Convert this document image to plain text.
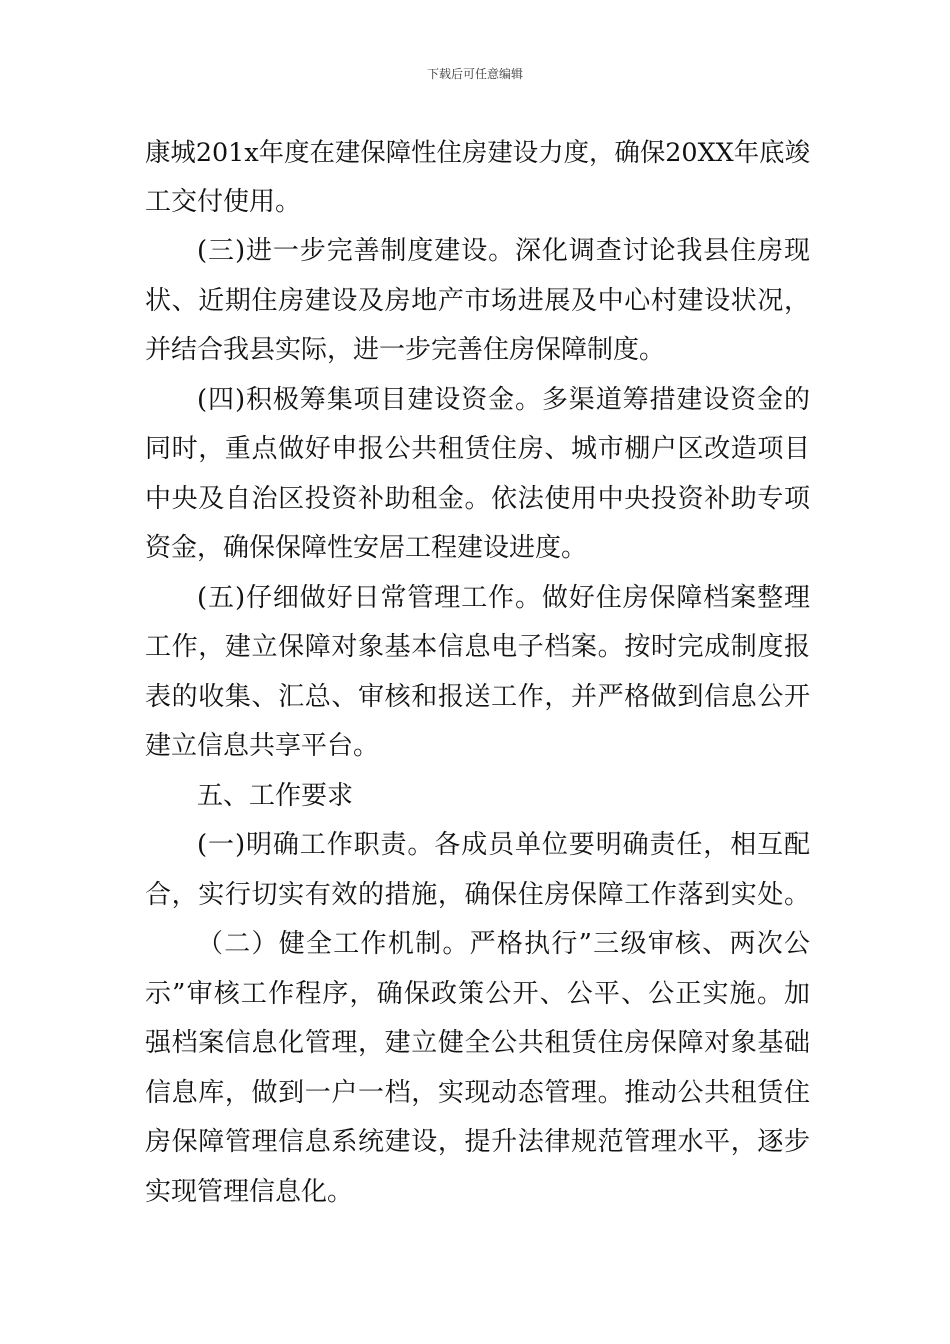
下载后可任意编辑
康城201x年度在建保障性住房建设力度，确保20XX年底竣
工交付使用。
(三)进一步完善制度建设。深化调查讨论我县住房现
状、近期住房建设及房地产市场进展及中心村建设状况，
并结合我县实际，进一步完善住房保障制度。
(四)积极筹集项目建设资金。多渠道筹措建设资金的
同时，重点做好申报公共租赁住房、城市棚户区改造项目
中央及自治区投资补助租金。依法使用中央投资补助专项
资金，确保保障性安居工程建设进度。
(五)仔细做好日常管理工作。做好住房保障档案整理
工作，建立保障对象基本信息电子档案。按时完成制度报
表的收集、汇总、审核和报送工作，并严格做到信息公开
建立信息共享平台。
五、工作要求
(一)明确工作职责。各成员单位要明确责任，相互配
合，实行切实有效的措施，确保住房保障工作落到实处。
（二）健全工作机制。严格执行”三级审核、两次公
示”审核工作程序，确保政策公开、公平、公正实施。加
强档案信息化管理，建立健全公共租赁住房保障对象基础
信息库，做到一户一档，实现动态管理。推动公共租赁住
房保障管理信息系统建设，提升法律规范管理水平，逐步
实现管理信息化。
